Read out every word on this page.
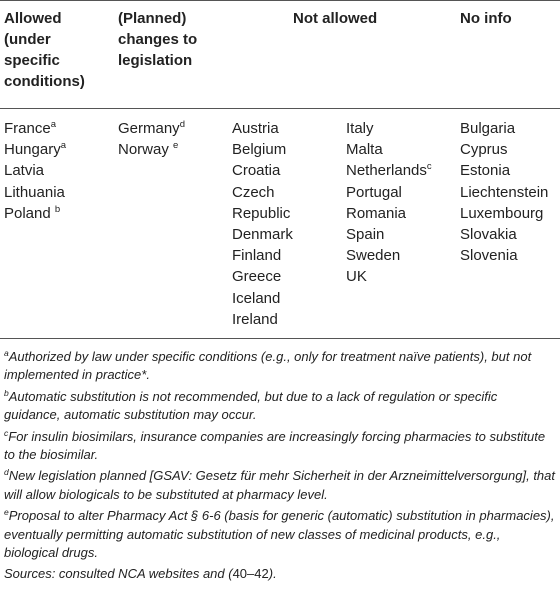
Allowed
(under
specific
conditions)
(Planned)
changes to
legislation
Not allowed	No info
France$^a$
Hungary$^a$
Latvia
Lithuania
Poland $^b$
Germany$^d$
Norway $^e$
Austria
Belgium
Croatia
Czech
Republic
Denmark
Finland
Greece
Iceland
Ireland
Italy
Malta
Netherlands$^c$
Portugal
Romania
Spain
Sweden
UK
Bulgaria
Cyprus
Estonia
Liechtenstein
Luxembourg
Slovakia
Slovenia

$^a$Authorized by law under specific conditions (e.g., only for treatment naïve patients), but not implemented in practice*.

$^b$Automatic substitution is not recommended, but due to a lack of regulation or specific guidance, automatic substitution may occur.

$^c$For insulin biosimilars, insurance companies are increasingly forcing pharmacies to substitute to the biosimilar.

$^d$New legislation planned [GSAV: Gesetz für mehr Sicherheit in der Arzneimittelversorgung], that will allow biologicals to be substituted at pharmacy level.

$^e$Proposal to alter Pharmacy Act § 6-6 (basis for generic (automatic) substitution in pharmacies), eventually permitting automatic substitution of new classes of medicinal products, e.g., biological drugs.

Sources: consulted NCA websites and (40–42).
